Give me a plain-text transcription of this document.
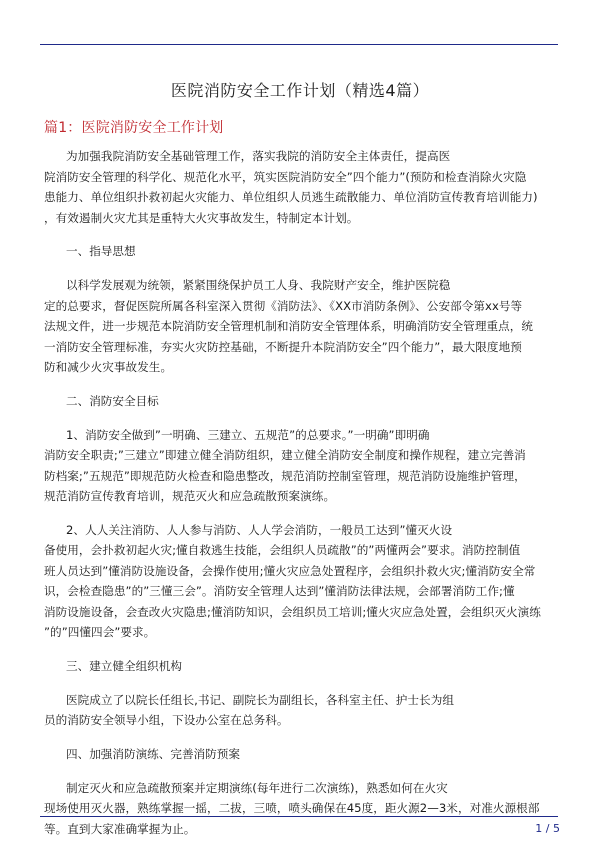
医院消防安全工作计划（精选4篇）
篇1：医院消防安全工作计划

为加强我院消防安全基础管理工作，落实我院的消防安全主体责任，提高医
院消防安全管理的科学化、规范化水平，筑实医院消防安全”四个能力”(预防和检查消除火灾隐
患能力、单位组织扑救初起火灾能力、单位组织人员逃生疏散能力、单位消防宣传教育培训能力)
，有效遏制火灾尤其是重特大火灾事故发生，特制定本计划。

一、指导思想

以科学发展观为统领，紧紧围绕保护员工人身、我院财产安全，维护医院稳
定的总要求，督促医院所属各科室深入贯彻《消防法》、《XX市消防条例》、公安部令第xx号等
法规文件，进一步规范本院消防安全管理机制和消防安全管理体系，明确消防安全管理重点，统
一消防安全管理标准，夯实火灾防控基础，不断提升本院消防安全”四个能力”，最大限度地预
防和减少火灾事故发生。

二、消防安全目标

1、消防安全做到”一明确、三建立、五规范”的总要求。”一明确”即明确
消防安全职责;”三建立”即建立健全消防组织，建立健全消防安全制度和操作规程，建立完善消
防档案;”五规范”即规范防火检查和隐患整改，规范消防控制室管理，规范消防设施维护管理，
规范消防宣传教育培训，规范灭火和应急疏散预案演练。

2、人人关注消防、人人参与消防、人人学会消防，一般员工达到”懂灭火设
备使用，会扑救初起火灾;懂自救逃生技能，会组织人员疏散”的”两懂两会”要求。消防控制值
班人员达到”懂消防设施设备，会操作使用;懂火灾应急处置程序，会组织扑救火灾;懂消防安全常
识，会检查隐患”的”三懂三会”。消防安全管理人达到”懂消防法律法规，会部署消防工作;懂
消防设施设备，会查改火灾隐患;懂消防知识，会组织员工培训;懂火灾应急处置，会组织灭火演练
”的”四懂四会”要求。

三、建立健全组织机构

医院成立了以院长任组长,书记、副院长为副组长，各科室主任、护士长为组
员的消防安全领导小组，下设办公室在总务科。

四、加强消防演练、完善消防预案

制定灭火和应急疏散预案并定期演练(每年进行二次演练)，熟悉如何在火灾
现场使用灭火器，熟练掌握一摇，二拔，三喷，喷头确保在45度，距火源2—3米，对准火源根部
等。直到大家准确掌握为止。	1 / 5
